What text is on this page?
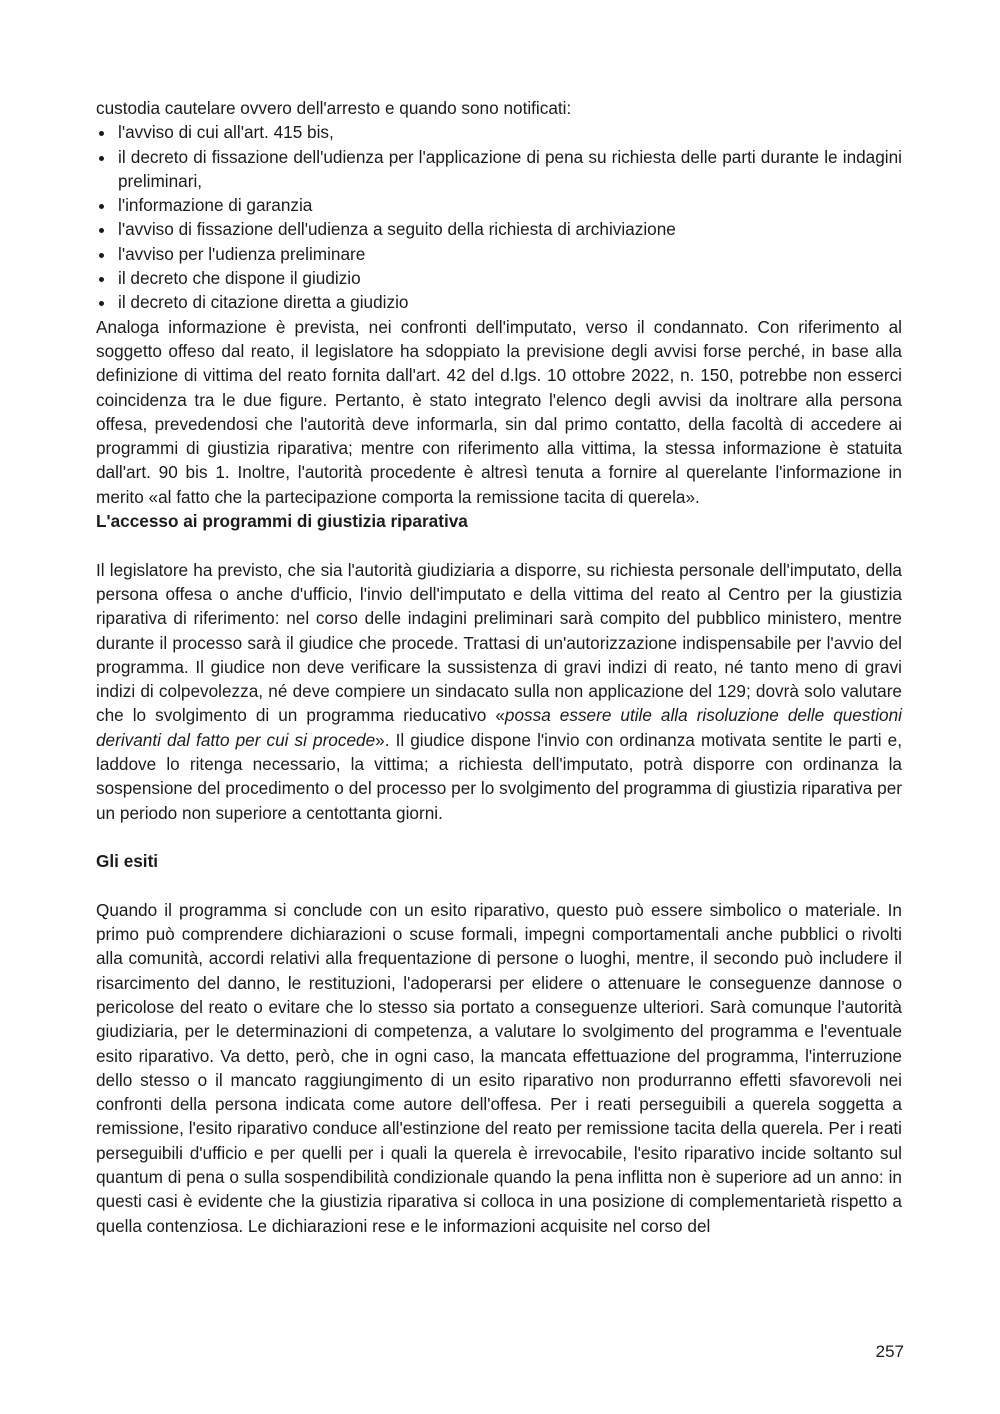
custodia cautelare ovvero dell'arresto e quando sono notificati:

l'avviso di cui all'art. 415 bis,
il decreto di fissazione dell'udienza per l'applicazione di pena su richiesta delle parti durante le indagini preliminari,
l'informazione di garanzia
l'avviso di fissazione dell'udienza a seguito della richiesta di archiviazione
l'avviso per l'udienza preliminare
il decreto che dispone il giudizio
il decreto di citazione diretta a giudizio

Analoga informazione è prevista, nei confronti dell'imputato, verso il condannato. Con riferimento al soggetto offeso dal reato, il legislatore ha sdoppiato la previsione degli avvisi forse perché, in base alla definizione di vittima del reato fornita dall'art. 42 del d.lgs. 10 ottobre 2022, n. 150, potrebbe non esserci coincidenza tra le due figure. Pertanto, è stato integrato l'elenco degli avvisi da inoltrare alla persona offesa, prevedendosi che l'autorità deve informarla, sin dal primo contatto, della facoltà di accedere ai programmi di giustizia riparativa; mentre con riferimento alla vittima, la stessa informazione è statuita dall'art. 90 bis 1. Inoltre, l'autorità procedente è altresì tenuta a fornire al querelante l'informazione in merito «al fatto che la partecipazione comporta la remissione tacita di querela».

L'accesso ai programmi di giustizia riparativa

Il legislatore ha previsto, che sia l'autorità giudiziaria a disporre, su richiesta personale dell'imputato, della persona offesa o anche d'ufficio, l'invio dell'imputato e della vittima del reato al Centro per la giustizia riparativa di riferimento: nel corso delle indagini preliminari sarà compito del pubblico ministero, mentre durante il processo sarà il giudice che procede. Trattasi di un'autorizzazione indispensabile per l'avvio del programma. Il giudice non deve verificare la sussistenza di gravi indizi di reato, né tanto meno di gravi indizi di colpevolezza, né deve compiere un sindacato sulla non applicazione del 129; dovrà solo valutare che lo svolgimento di un programma rieducativo «possa essere utile alla risoluzione delle questioni derivanti dal fatto per cui si procede». Il giudice dispone l'invio con ordinanza motivata sentite le parti e, laddove lo ritenga necessario, la vittima; a richiesta dell'imputato, potrà disporre con ordinanza la sospensione del procedimento o del processo per lo svolgimento del programma di giustizia riparativa per un periodo non superiore a centottanta giorni.

Gli esiti

Quando il programma si conclude con un esito riparativo, questo può essere simbolico o materiale. In primo può comprendere dichiarazioni o scuse formali, impegni comportamentali anche pubblici o rivolti alla comunità, accordi relativi alla frequentazione di persone o luoghi, mentre, il secondo può includere il risarcimento del danno, le restituzioni, l'adoperarsi per elidere o attenuare le conseguenze dannose o pericolose del reato o evitare che lo stesso sia portato a conseguenze ulteriori. Sarà comunque l'autorità giudiziaria, per le determinazioni di competenza, a valutare lo svolgimento del programma e l'eventuale esito riparativo. Va detto, però, che in ogni caso, la mancata effettuazione del programma, l'interruzione dello stesso o il mancato raggiungimento di un esito riparativo non produrranno effetti sfavorevoli nei confronti della persona indicata come autore dell'offesa. Per i reati perseguibili a querela soggetta a remissione, l'esito riparativo conduce all'estinzione del reato per remissione tacita della querela. Per i reati perseguibili d'ufficio e per quelli per i quali la querela è irrevocabile, l'esito riparativo incide soltanto sul quantum di pena o sulla sospendibilità condizionale quando la pena inflitta non è superiore ad un anno: in questi casi è evidente che la giustizia riparativa si colloca in una posizione di complementarietà rispetto a quella contenziosa. Le dichiarazioni rese e le informazioni acquisite nel corso del

257
